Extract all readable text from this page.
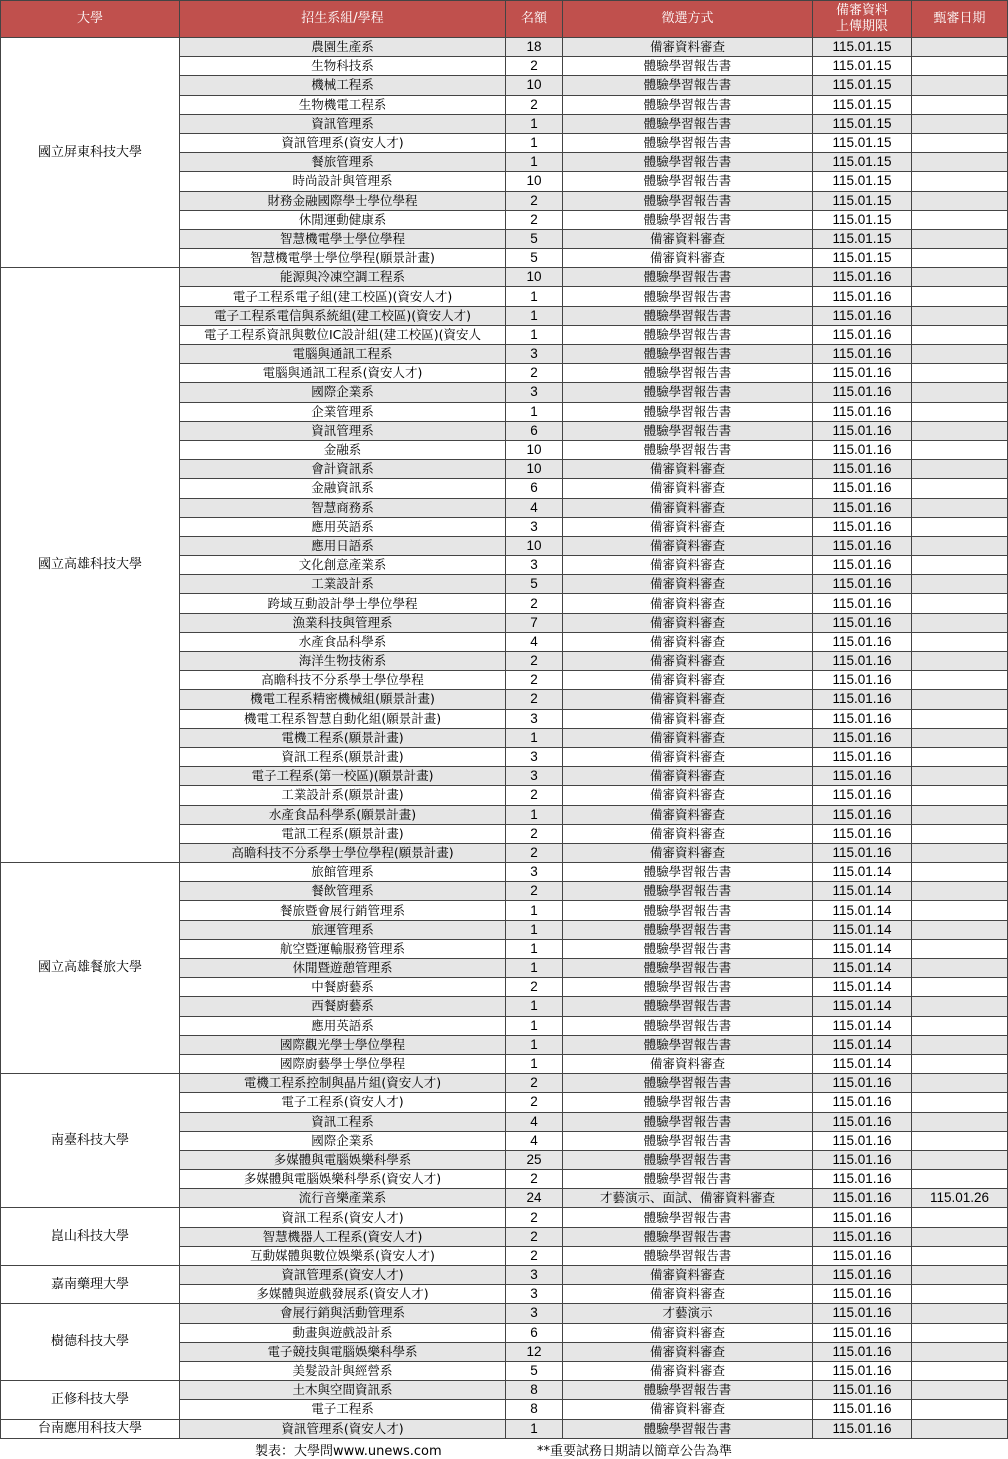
大學	招生系組/學程	名額	徵選方式	備審資料
上傳期限	甄審日期
國立屏東科技大學	農園生產系	18	備審資料審查	115.01.15	
	生物科技系	2	體驗學習報告書	115.01.15	
	機械工程系	10	體驗學習報告書	115.01.15	
	生物機電工程系	2	體驗學習報告書	115.01.15	
	資訊管理系	1	體驗學習報告書	115.01.15	
	資訊管理系(資安人才)	1	體驗學習報告書	115.01.15	
	餐旅管理系	1	體驗學習報告書	115.01.15	
	時尚設計與管理系	10	體驗學習報告書	115.01.15	
	財務金融國際學士學位學程	2	體驗學習報告書	115.01.15	
	休閒運動健康系	2	體驗學習報告書	115.01.15	
	智慧機電學士學位學程	5	備審資料審查	115.01.15	
	智慧機電學士學位學程(願景計畫)	5	備審資料審查	115.01.15	
國立高雄科技大學	能源與冷凍空調工程系	10	體驗學習報告書	115.01.16	
	電子工程系電子組(建工校區)(資安人才)	1	體驗學習報告書	115.01.16	
	電子工程系電信與系統組(建工校區)(資安人才)	1	體驗學習報告書	115.01.16	
	電子工程系資訊與數位IC設計組(建工校區)(資安人	1	體驗學習報告書	115.01.16	
	電腦與通訊工程系	3	體驗學習報告書	115.01.16	
	電腦與通訊工程系(資安人才)	2	體驗學習報告書	115.01.16	
	國際企業系	3	體驗學習報告書	115.01.16	
	企業管理系	1	體驗學習報告書	115.01.16	
	資訊管理系	6	體驗學習報告書	115.01.16	
	金融系	10	體驗學習報告書	115.01.16	
	會計資訊系	10	備審資料審查	115.01.16	
	金融資訊系	6	備審資料審查	115.01.16	
	智慧商務系	4	備審資料審查	115.01.16	
	應用英語系	3	備審資料審查	115.01.16	
	應用日語系	10	備審資料審查	115.01.16	
	文化創意產業系	3	備審資料審查	115.01.16	
	工業設計系	5	備審資料審查	115.01.16	
	跨域互動設計學士學位學程	2	備審資料審查	115.01.16	
	漁業科技與管理系	7	備審資料審查	115.01.16	
	水產食品科學系	4	備審資料審查	115.01.16	
	海洋生物技術系	2	備審資料審查	115.01.16	
	高瞻科技不分系學士學位學程	2	備審資料審查	115.01.16	
	機電工程系精密機械組(願景計畫)	2	備審資料審查	115.01.16	
	機電工程系智慧自動化組(願景計畫)	3	備審資料審查	115.01.16	
	電機工程系(願景計畫)	1	備審資料審查	115.01.16	
	資訊工程系(願景計畫)	3	備審資料審查	115.01.16	
	電子工程系(第一校區)(願景計畫)	3	備審資料審查	115.01.16	
	工業設計系(願景計畫)	2	備審資料審查	115.01.16	
	水產食品科學系(願景計畫)	1	備審資料審查	115.01.16	
	電訊工程系(願景計畫)	2	備審資料審查	115.01.16	
	高瞻科技不分系學士學位學程(願景計畫)	2	備審資料審查	115.01.16	
國立高雄餐旅大學	旅館管理系	3	體驗學習報告書	115.01.14	
	餐飲管理系	2	體驗學習報告書	115.01.14	
	餐旅暨會展行銷管理系	1	體驗學習報告書	115.01.14	
	旅運管理系	1	體驗學習報告書	115.01.14	
	航空暨運輸服務管理系	1	體驗學習報告書	115.01.14	
	休閒暨遊憩管理系	1	體驗學習報告書	115.01.14	
	中餐廚藝系	2	體驗學習報告書	115.01.14	
	西餐廚藝系	1	體驗學習報告書	115.01.14	
	應用英語系	1	體驗學習報告書	115.01.14	
	國際觀光學士學位學程	1	體驗學習報告書	115.01.14	
	國際廚藝學士學位學程	1	備審資料審查	115.01.14	
南臺科技大學	電機工程系控制與晶片組(資安人才)	2	體驗學習報告書	115.01.16	
	電子工程系(資安人才)	2	體驗學習報告書	115.01.16	
	資訊工程系	4	體驗學習報告書	115.01.16	
	國際企業系	4	體驗學習報告書	115.01.16	
	多媒體與電腦娛樂科學系	25	體驗學習報告書	115.01.16	
	多媒體與電腦娛樂科學系(資安人才)	2	體驗學習報告書	115.01.16	
	流行音樂產業系	24	才藝演示、面試、備審資料審查	115.01.16	115.01.26
崑山科技大學	資訊工程系(資安人才)	2	體驗學習報告書	115.01.16	
	智慧機器人工程系(資安人才)	2	體驗學習報告書	115.01.16	
	互動媒體與數位娛樂系(資安人才)	2	體驗學習報告書	115.01.16	
嘉南藥理大學	資訊管理系(資安人才)	3	備審資料審查	115.01.16	
	多媒體與遊戲發展系(資安人才)	3	備審資料審查	115.01.16	
樹德科技大學	會展行銷與活動管理系	3	才藝演示	115.01.16	
	動畫與遊戲設計系	6	備審資料審查	115.01.16	
	電子競技與電腦娛樂科學系	12	備審資料審查	115.01.16	
	美髮設計與經營系	5	備審資料審查	115.01.16	
正修科技大學	土木與空間資訊系	8	體驗學習報告書	115.01.16	
	電子工程系	8	備審資料審查	115.01.16	
台南應用科技大學	資訊管理系(資安人才)	1	體驗學習報告書	115.01.16	
製表：大學問www.unews.com	**重要試務日期請以簡章公告為準
